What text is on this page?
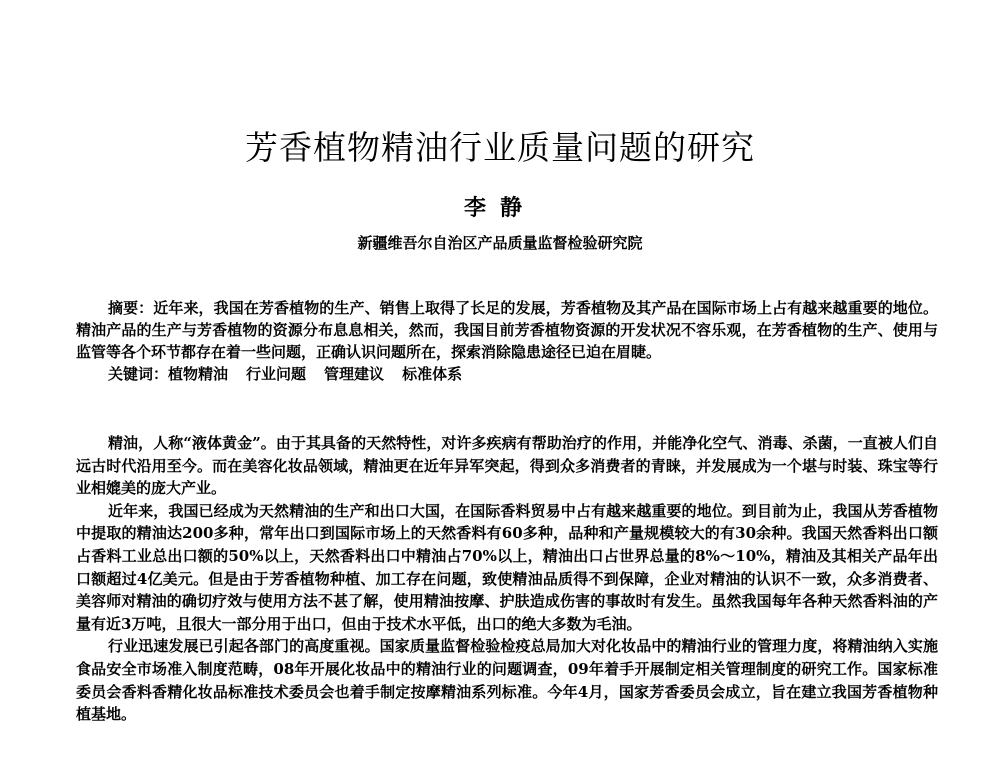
芳香植物精油行业质量问题的研究
李静
新疆维吾尔自治区产品质量监督检验研究院

摘要：近年来，我国在芳香植物的生产、销售上取得了长足的发展，芳香植物及其产品在国际市场上占有越来越重要的地位。精油产品的生产与芳香植物的资源分布息息相关，然而，我国目前芳香植物资源的开发状况不容乐观，在芳香植物的生产、使用与监管等各个环节都存在着一些问题，正确认识问题所在，探索消除隐患途径已迫在眉睫。

关键词：植物精油 行业问题 管理建议 标准体系

精油，人称“液体黄金”。由于其具备的天然特性，对许多疾病有帮助治疗的作用，并能净化空气、消毒、杀菌，一直被人们自远古时代沿用至今。而在美容化妆品领域，精油更在近年异军突起，得到众多消费者的青睐，并发展成为一个堪与时装、珠宝等行业相媲美的庞大产业。

近年来，我国已经成为天然精油的生产和出口大国，在国际香料贸易中占有越来越重要的地位。到目前为止，我国从芳香植物中提取的精油达200多种，常年出口到国际市场上的天然香料有60多种，品种和产量规模较大的有30余种。我国天然香料出口额占香料工业总出口额的50%以上，天然香料出口中精油占70%以上，精油出口占世界总量的8%～10%，精油及其相关产品年出口额超过4亿美元。但是由于芳香植物种植、加工存在问题，致使精油品质得不到保障，企业对精油的认识不一致，众多消费者、美容师对精油的确切疗效与使用方法不甚了解，使用精油按摩、护肤造成伤害的事故时有发生。虽然我国每年各种天然香料油的产量有近3万吨，且很大一部分用于出口，但由于技术水平低，出口的绝大多数为毛油。

行业迅速发展已引起各部门的高度重视。国家质量监督检验检疫总局加大对化妆品中的精油行业的管理力度，将精油纳入实施食品安全市场准入制度范畴，08年开展化妆品中的精油行业的问题调查，09年着手开展制定相关管理制度的研究工作。国家标准委员会香料香精化妆品标准技术委员会也着手制定按摩精油系列标准。今年4月，国家芳香委员会成立，旨在建立我国芳香植物种植基地。
